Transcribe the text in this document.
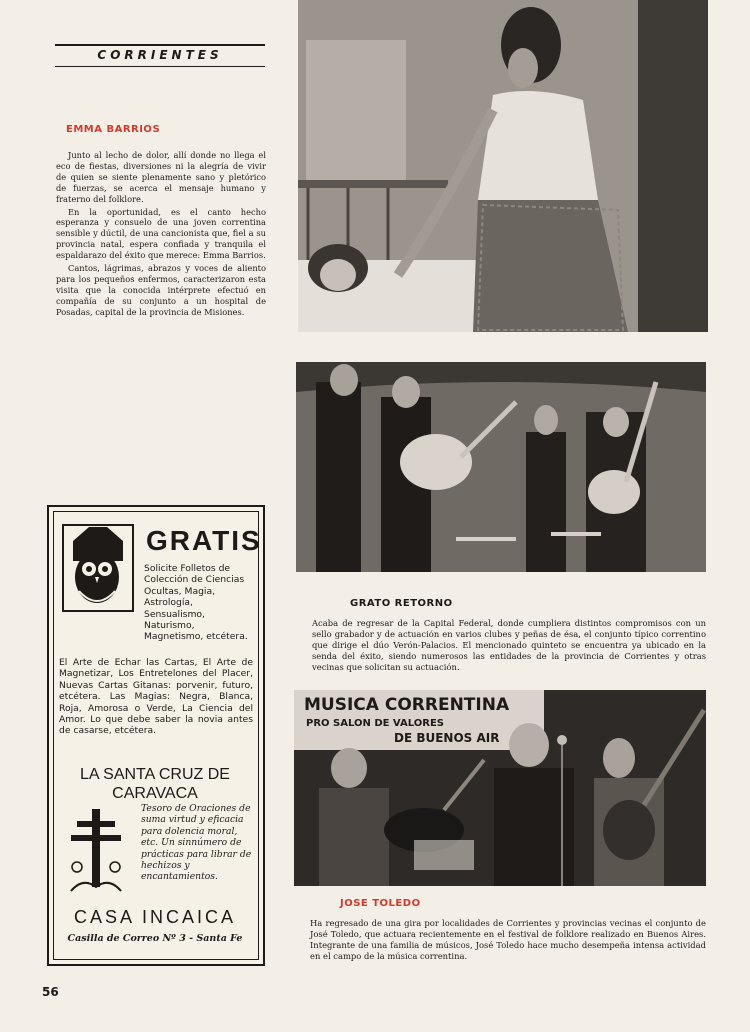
CORRIENTES
EMMA BARRIOS

Junto al lecho de dolor, allí donde no llega el eco de fiestas, diversiones ni la alegría de vivir de quien se siente plenamente sano y pletórico de fuerzas, se acerca el mensaje humano y fraterno del folklore.

En la oportunidad, es el canto hecho esperanza y consuelo de una joven correntina sensible y dúctil, de una cancionista que, fiel a su provincia natal, espera confiada y tranquila el espaldarazo del éxito que merece: Emma Barrios.

Cantos, lágrimas, abrazos y voces de aliento para los pequeños enfermos, caracterizaron esta visita que la conocida intérprete efectuó en compañía de su conjunto a un hospital de Posadas, capital de la provincia de Misiones.

GRATO RETORNO
Acaba de regresar de la Capital Federal, donde cumpliera distintos compromisos con un sello grabador y de actuación en varios clubes y peñas de ésa, el conjunto típico correntino que dirige el dúo Verón-Palacios. El mencionado quinteto se encuentra ya ubicado en la senda del éxito, siendo numerosos las entidades de la provincia de Corrientes y otras vecinas que solicitan su actuación.
MUSICA CORRENTINA
PRO SALON DE VALORES
DE BUENOS AIR
JOSE TOLEDO
Ha regresado de una gira por localidades de Corrientes y provincias vecinas el conjunto de José Toledo, que actuara recientemente en el festival de folklore realizado en Buenos Aires. Integrante de una familia de músicos, José Toledo hace mucho desempeña intensa actividad en el campo de la música correntina.
GRATIS
Solicite Folletos de Colección de Ciencias Ocultas, Magia, Astrología, Sensualismo, Naturismo, Magnetismo, etcétera.
El Arte de Echar las Cartas, El Arte de Magnetizar, Los Entretelones del Placer, Nuevas Cartas Gitanas: porvenir, futuro, etcétera. Las Magias: Negra, Blanca, Roja, Amorosa o Verde, La Ciencia del Amor. Lo que debe saber la novia antes de casarse, etcétera.
LA SANTA CRUZ DE CARAVACA
Tesoro de Oraciones de suma virtud y eficacia para dolencia moral, etc. Un sinnúmero de prácticas para librar de hechizos y encantamientos.
CASA INCAICA
Casilla de Correo Nº 3 - Santa Fe
56
